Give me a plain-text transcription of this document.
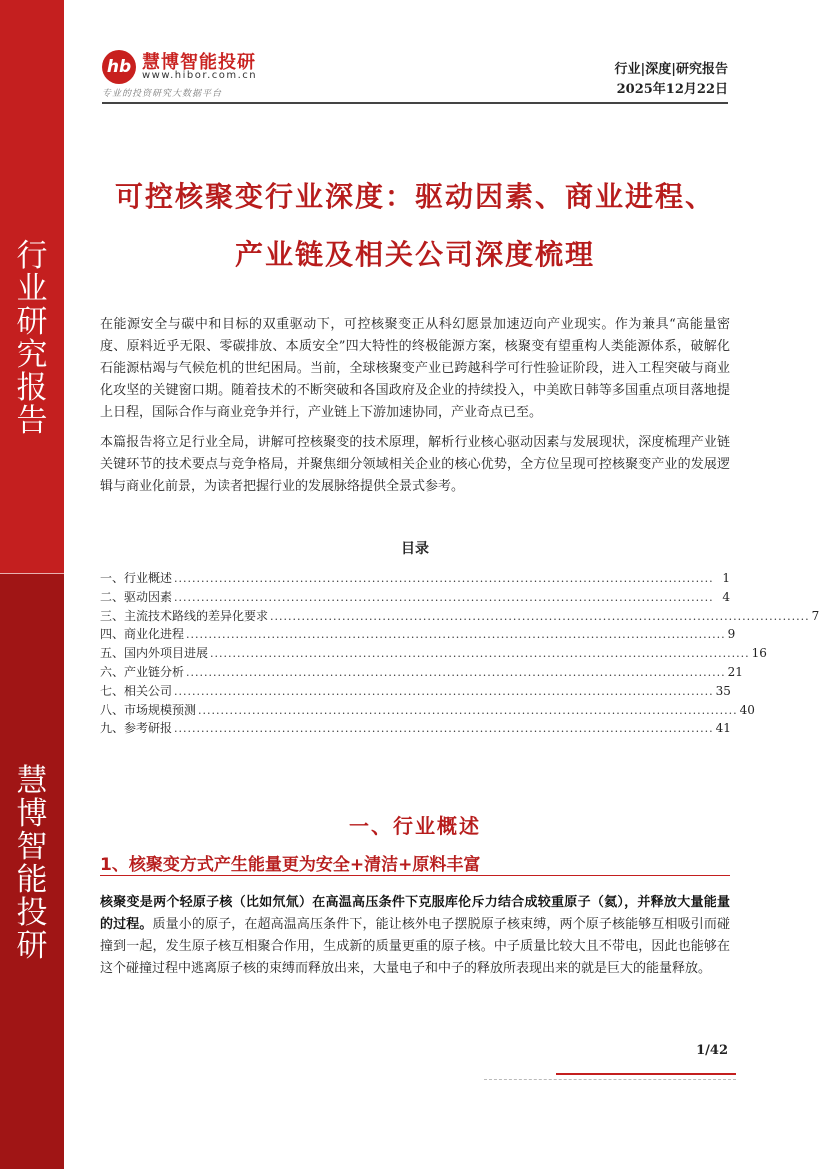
行
业
研
究
报
告
慧
博
智
能
投
研
hb 慧博智能投研
www.hibor.com.cn
专业的投资研究大数据平台
行业|深度|研究报告
2025年12月22日
可控核聚变行业深度：驱动因素、商业进程、
产业链及相关公司深度梳理
在能源安全与碳中和目标的双重驱动下，可控核聚变正从科幻愿景加速迈向产业现实。作为兼具“高能量密度、原料近乎无限、零碳排放、本质安全”四大特性的终极能源方案，核聚变有望重构人类能源体系，破解化石能源枯竭与气候危机的世纪困局。当前，全球核聚变产业已跨越科学可行性验证阶段，进入工程突破与商业化攻坚的关键窗口期。随着技术的不断突破和各国政府及企业的持续投入，中美欧日韩等多国重点项目落地提上日程，国际合作与商业竞争并行，产业链上下游加速协同，产业奇点已至。
本篇报告将立足行业全局，讲解可控核聚变的技术原理，解析行业核心驱动因素与发展现状，深度梳理产业链关键环节的技术要点与竞争格局，并聚焦细分领域相关企业的核心优势，全方位呈现可控核聚变产业的发展逻辑与商业化前景，为读者把握行业的发展脉络提供全景式参考。
目录
一、行业概述 ........................................................................................................................ 1
二、驱动因素 ........................................................................................................................ 4
三、主流技术路线的差异化要求 ........................................................................................................................ 7
四、商业化进程 ........................................................................................................................ 9
五、国内外项目进展 ........................................................................................................................ 16
六、产业链分析 ........................................................................................................................ 21
七、相关公司 ........................................................................................................................ 35
八、市场规模预测 ........................................................................................................................ 40
九、参考研报 ........................................................................................................................ 41
一、行业概述
1、核聚变方式产生能量更为安全+清洁+原料丰富
核聚变是两个轻原子核（比如氘氚）在高温高压条件下克服库伦斥力结合成较重原子（氦），并释放大量能量的过程。质量小的原子，在超高温高压条件下，能让核外电子摆脱原子核束缚，两个原子核能够互相吸引而碰撞到一起，发生原子核互相聚合作用，生成新的质量更重的原子核。中子质量比较大且不带电，因此也能够在这个碰撞过程中逃离原子核的束缚而释放出来，大量电子和中子的释放所表现出来的就是巨大的能量释放。
1/42
